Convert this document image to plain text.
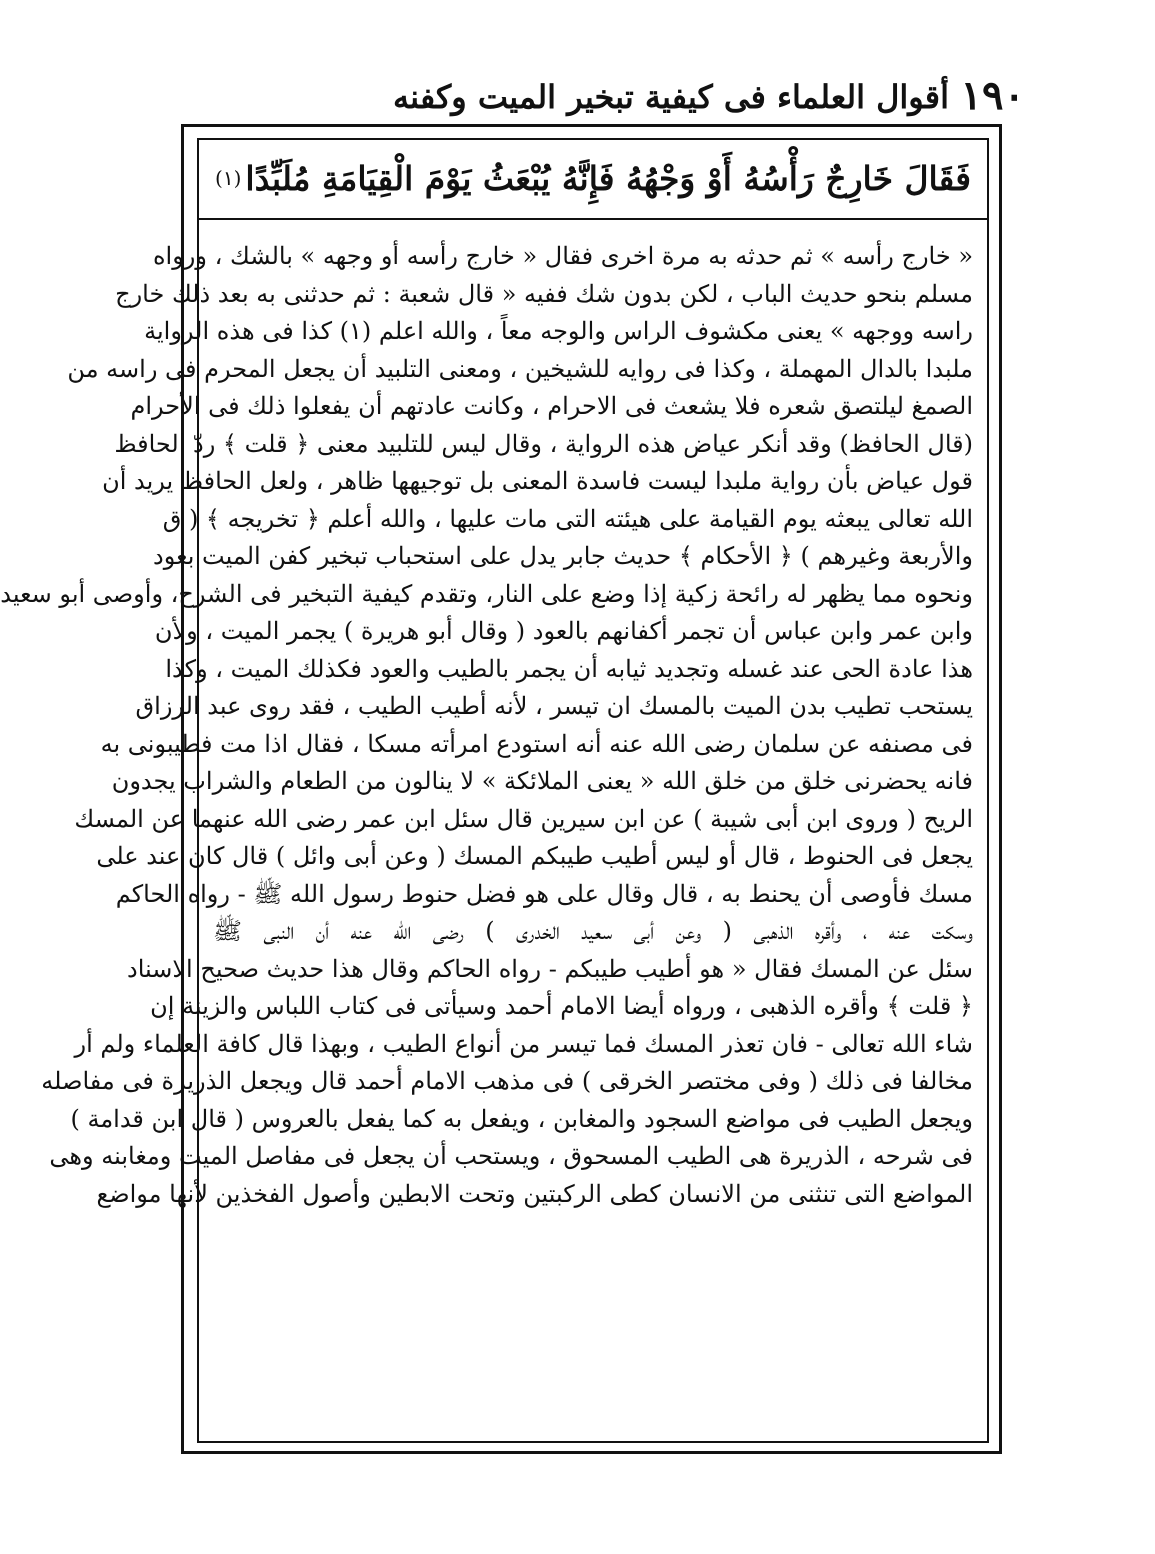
١٩٠
أقوال العلماء فى كيفية تبخير الميت وكفنه
فَقَالَ خَارِجٌ رَأْسُهُ أَوْ وَجْهُهُ فَإِنَّهُ يُبْعَثُ يَوْمَ الْقِيَامَةِ مُلَبِّدًا
(١)
« خارج رأسه » ثم حدثه به مرة اخرى فقال « خارج رأسه أو وجهه » بالشك ، ورواه
مسلم بنحو حديث الباب ، لكن بدون شك ففيه « قال شعبة : ثم حدثنى به بعد ذلك خارج
راسه ووجهه » يعنى مكشوف الراس والوجه معاً ، والله اعلم (١) كذا فى هذه الرواية
ملبدا بالدال المهملة ، وكذا فى روايه للشيخين ، ومعنى التلبيد أن يجعل المحرم فى راسه من
الصمغ ليلتصق شعره فلا يشعث فى الاحرام ، وكانت عادتهم أن يفعلوا ذلك فى الأحرام
(قال الحافظ) وقد أنكر عياض هذه الرواية ، وقال ليس للتلبيد معنى ﴿ قلت ﴾ ردّ الحافظ
قول عياض بأن رواية ملبدا ليست فاسدة المعنى بل توجيهها ظاهر ، ولعل الحافظ يريد أن
الله تعالى يبعثه يوم القيامة على هيئته التى مات عليها ، والله أعلم ﴿ تخريجه ﴾ ( ق
والأربعة وغيرهم ) ﴿ الأحكام ﴾ حديث جابر يدل على استحباب تبخير كفن الميت بعود
ونحوه مما يظهر له رائحة زكية إذا وضع على النار، وتقدم كيفية التبخير فى الشرح، وأوصى أبو سعيد
وابن عمر وابن عباس أن تجمر أكفانهم بالعود ( وقال أبو هريرة ) يجمر الميت ، ولأن
هذا عادة الحى عند غسله وتجديد ثيابه أن يجمر بالطيب والعود فكذلك الميت ، وكذا
يستحب تطيب بدن الميت بالمسك ان تيسر ، لأنه أطيب الطيب ، فقد روى عبد الرزاق
فى مصنفه عن سلمان رضى الله عنه أنه استودع امرأته مسكا ، فقال اذا مت فطيبونى به
فانه يحضرنى خلق من خلق الله « يعنى الملائكة » لا ينالون من الطعام والشراب يجدون
الريح ( وروى ابن أبى شيبة ) عن ابن سيرين قال سئل ابن عمر رضى الله عنهما عن المسك
يجعل فى الحنوط ، قال أو ليس أطيب طيبكم المسك ( وعن أبى وائل ) قال كان عند على
مسك فأوصى أن يحنط به ، قال وقال على هو فضل حنوط رسول الله ﷺ - رواه الحاكم
وسكت عنه ، وأقره الذهبى ( وعن أبى سعيد الخدرى ) رضى الله عنه أن النبى ﷺ
سئل عن المسك فقال « هو أطيب طيبكم - رواه الحاكم وقال هذا حديث صحيح الاسناد
﴿ قلت ﴾ وأقره الذهبى ، ورواه أيضا الامام أحمد وسيأتى فى كتاب اللباس والزينة إن
شاء الله تعالى - فان تعذر المسك فما تيسر من أنواع الطيب ، وبهذا قال كافة العلماء ولم أر
مخالفا فى ذلك ( وفى مختصر الخرقى ) فى مذهب الامام أحمد قال ويجعل الذريرة فى مفاصله
ويجعل الطيب فى مواضع السجود والمغابن ، ويفعل به كما يفعل بالعروس ( قال ابن قدامة )
فى شرحه ، الذريرة هى الطيب المسحوق ، ويستحب أن يجعل فى مفاصل الميت ومغابنه وهى
المواضع التى تنثنى من الانسان كطى الركبتين وتحت الابطين وأصول الفخذين لأنها مواضع
